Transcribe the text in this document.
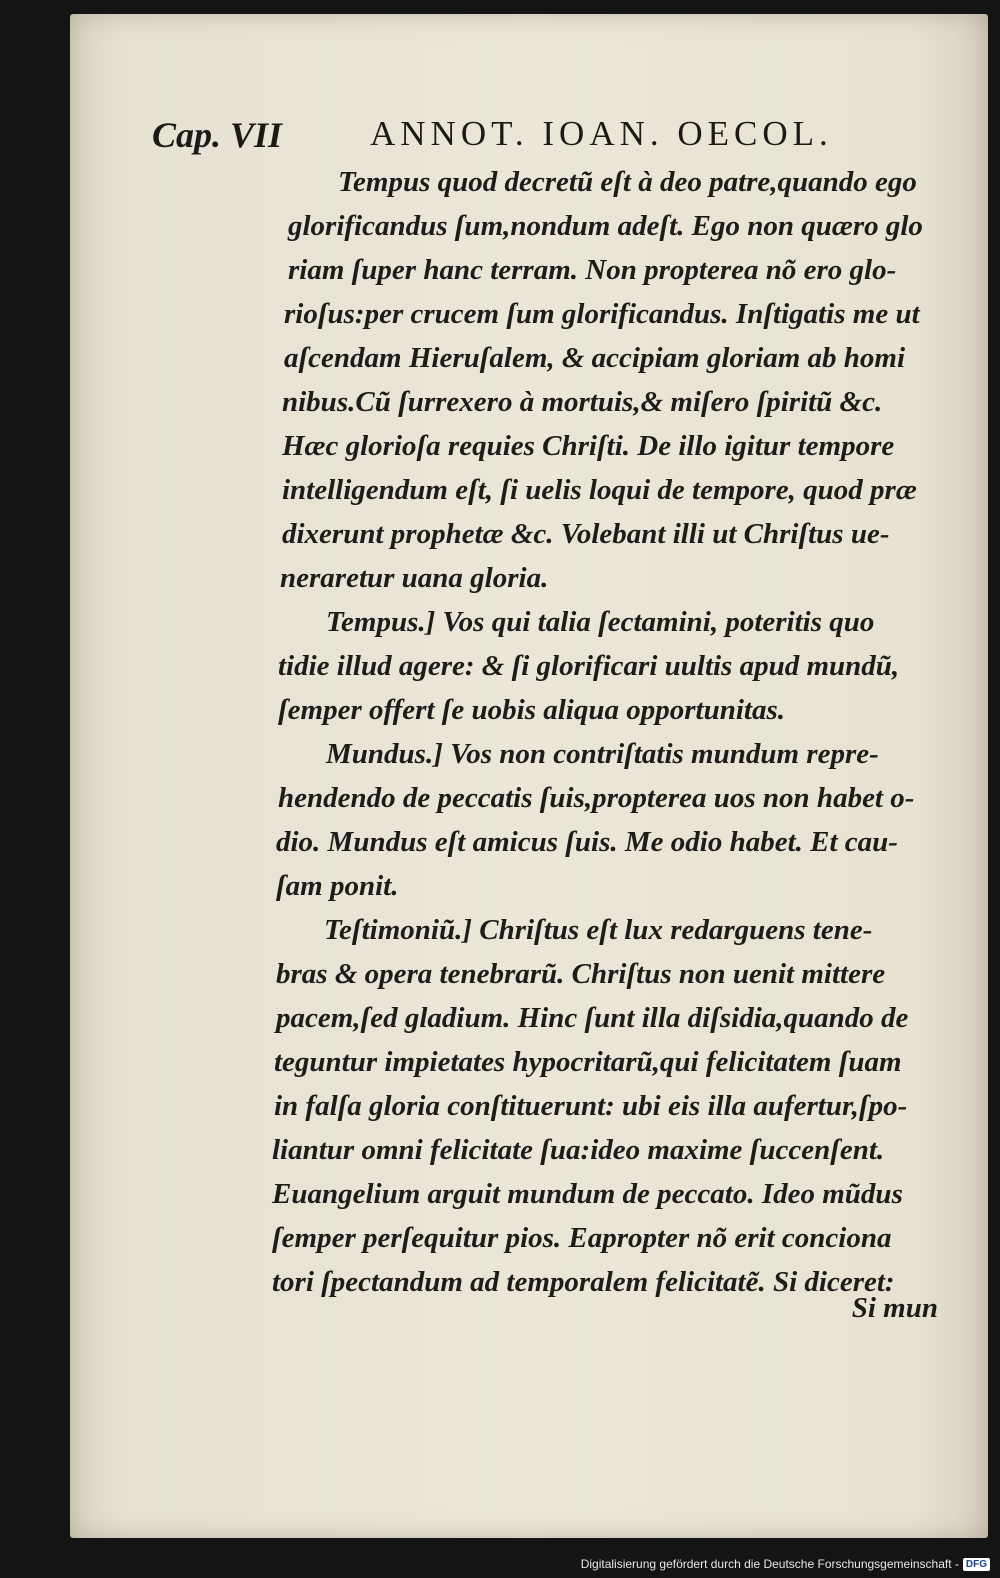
Cap. VII	ANNOT. IOAN. OECOL.
Tempus quod decretũ eſt à deo patre,quando ego
glorificandus ſum,nondum adeſt. Ego non quæro glo
riam ſuper hanc terram. Non propterea nõ ero glo-
rioſus:per crucem ſum glorificandus. Inſtigatis me ut
aſcendam Hieruſalem, & accipiam gloriam ab homi
nibus.Cũ ſurrexero à mortuis,& miſero ſpiritũ &c.
Hæc glorioſa requies Chriſti. De illo igitur tempore
intelligendum eſt, ſi uelis loqui de tempore, quod præ
dixerunt prophetæ &c. Volebant illi ut Chriſtus ue-
neraretur uana gloria.
Tempus.] Vos qui talia ſectamini, poteritis quo
tidie illud agere: & ſi glorificari uultis apud mundũ,
ſemper offert ſe uobis aliqua opportunitas.
Mundus.] Vos non contriſtatis mundum repre-
hendendo de peccatis ſuis,propterea uos non habet o-
dio. Mundus eſt amicus ſuis. Me odio habet. Et cau-
ſam ponit.
Teſtimoniũ.] Chriſtus eſt lux redarguens tene-
bras & opera tenebrarũ. Chriſtus non uenit mittere
pacem,ſed gladium. Hinc ſunt illa diſsidia,quando de
teguntur impietates hypocritarũ,qui felicitatem ſuam
in falſa gloria conſtituerunt: ubi eis illa aufertur,ſpo-
liantur omni felicitate ſua:ideo maxime ſuccenſent.
Euangelium arguit mundum de peccato. Ideo mũdus
ſemper perſequitur pios. Eapropter nõ erit conciona
tori ſpectandum ad temporalem felicitatẽ. Si diceret:
Si mun
Digitalisierung gefördert durch die Deutsche Forschungsgemeinschaft - DFG
